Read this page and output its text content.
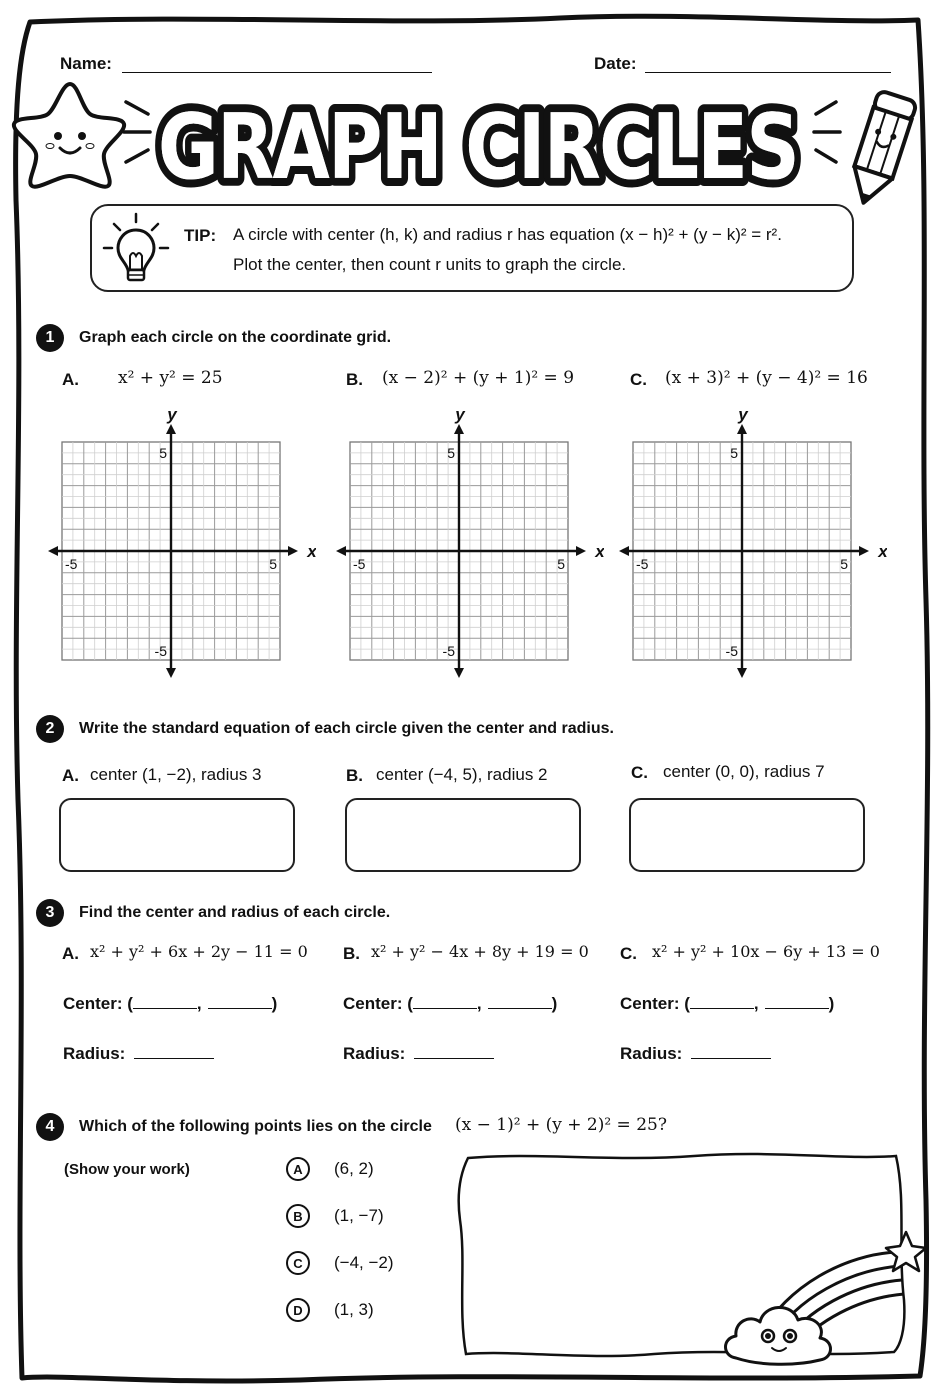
Name:	Date:
GRAPH CIRCLES
GRAPH CIRCLES
TIP: A circle with center (h, k) and radius r has equation (x − h)² + (y − k)² = r².
Plot the center, then count r units to graph the circle.
1	Graph each circle on the coordinate grid.
A. x² + y² = 25	B. (x − 2)² + (y + 1)² = 9	C. (x + 3)² + (y − 4)² = 16
y
x
5
-5
-5	5
y
x
5
-5
-5	5
y
x
5
-5
-5	5
2	Write the standard equation of each circle given the center and radius.
A. center (1, −2), radius 3	B. center (−4, 5), radius 2	C. center (0, 0), radius 7
3	Find the center and radius of each circle.
A. x² + y² + 6x + 2y − 11 = 0 B. x² + y² − 4x + 8y + 19 = 0 C. x² + y² + 10x − 6y + 13 = 0
Center: (	,	)	Center: (	,	)	Center: (	,	)
Radius:	Radius:	Radius:
4	Which of the following points lies on the circle (x − 1)² + (y + 2)² = 25?
(Show your work)	A	(6, 2)
B	(1, −7)
C	(−4, −2)
D	(1, 3)
